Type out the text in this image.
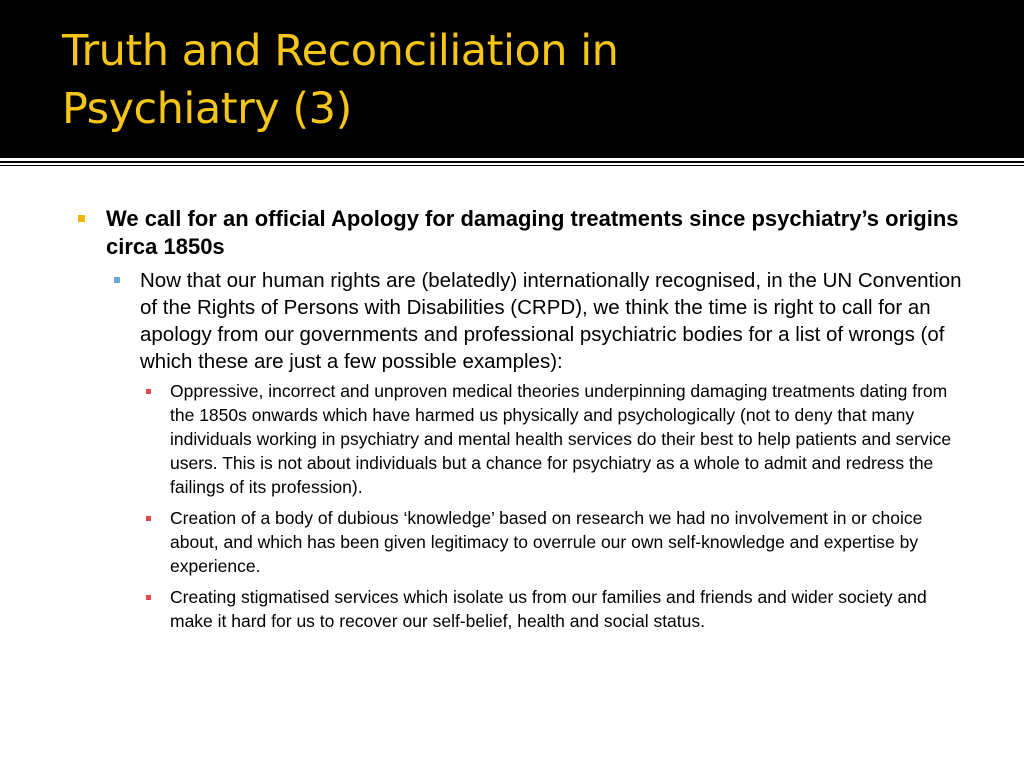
Truth and Reconciliation in
Psychiatry (3)
We call for an official Apology for damaging treatments since psychiatry’s origins circa 1850s
Now that our human rights are (belatedly) internationally recognised, in the UN Convention of the Rights of Persons with Disabilities (CRPD), we think the time is right to call for an apology from our governments and professional psychiatric bodies for a list of wrongs (of which these are just a few possible examples):
Oppressive, incorrect and unproven medical theories underpinning damaging treatments dating from the 1850s onwards which have harmed us physically and psychologically (not to deny that many individuals working in psychiatry and mental health services do their best to help patients and service users. This is not about individuals but a chance for psychiatry as a whole to admit and redress the failings of its profession).
Creation of a body of dubious ‘knowledge’ based on research we had no involvement in or choice about, and which has been given legitimacy to overrule our own self-knowledge and expertise by experience.
Creating stigmatised services which isolate us from our families and friends and wider society and make it hard for us to recover our self-belief, health and social status.
